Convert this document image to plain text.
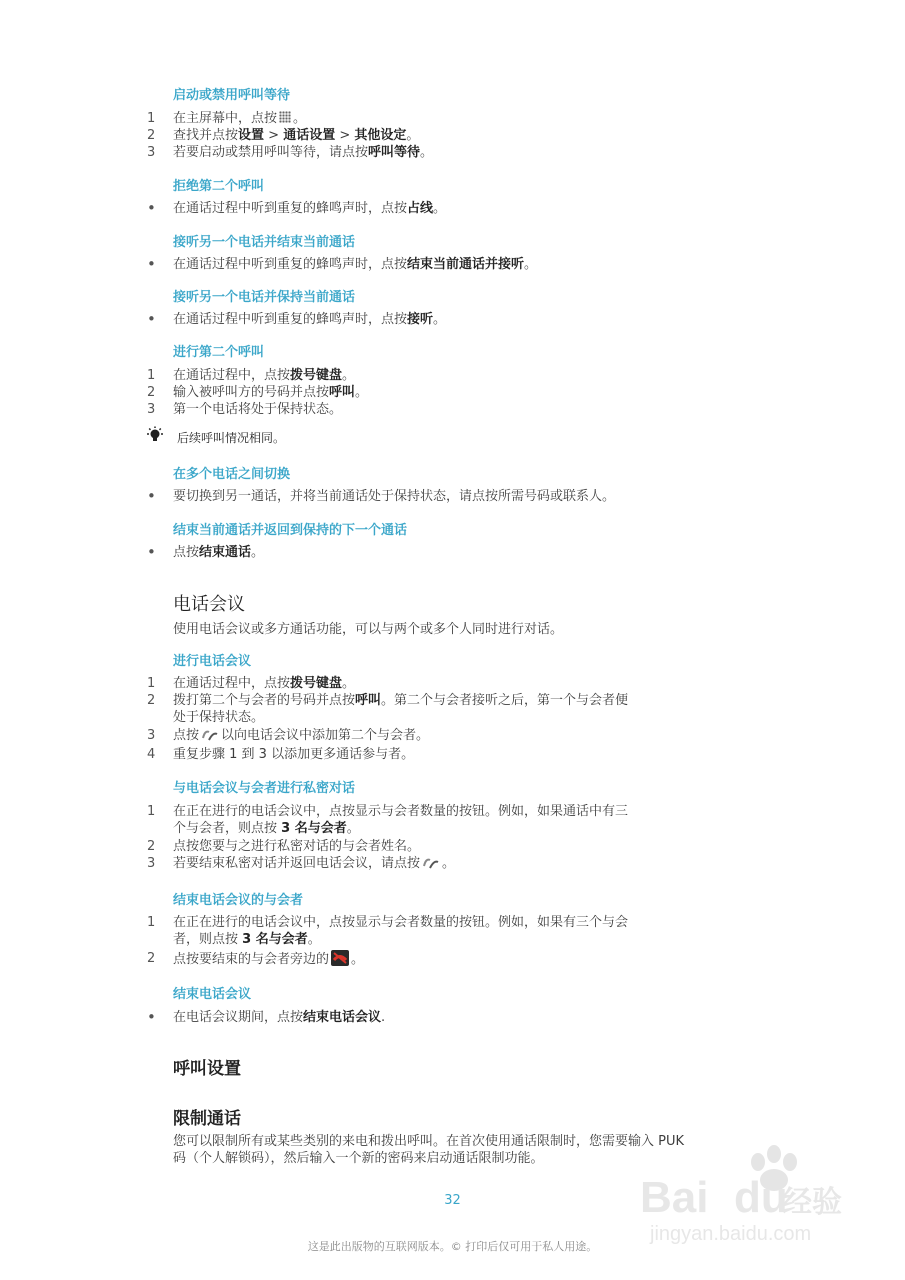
启动或禁用呼叫等待
1	在主屏幕中，点按 。
2	查找并点按设置 > 通话设置 > 其他设定。
3	若要启动或禁用呼叫等待，请点按呼叫等待。
拒绝第二个呼叫
•	在通话过程中听到重复的蜂鸣声时，点按占线。
接听另一个电话并结束当前通话
•	在通话过程中听到重复的蜂鸣声时，点按结束当前通话并接听。
接听另一个电话并保持当前通话
•	在通话过程中听到重复的蜂鸣声时，点按接听。
进行第二个呼叫
1	在通话过程中，点按拨号键盘。
2	输入被呼叫方的号码并点按呼叫。
3	第一个电话将处于保持状态。
后续呼叫情况相同。
在多个电话之间切换
•	要切换到另一通话，并将当前通话处于保持状态，请点按所需号码或联系人。
结束当前通话并返回到保持的下一个通话
•	点按结束通话。
电话会议
使用电话会议或多方通话功能，可以与两个或多个人同时进行对话。
进行电话会议
1	在通话过程中，点按拨号键盘。
2	拨打第二个与会者的号码并点按呼叫。第二个与会者接听之后，第一个与会者便
处于保持状态。
3	点按 以向电话会议中添加第二个与会者。
4	重复步骤 1 到 3 以添加更多通话参与者。
与电话会议与会者进行私密对话
1	在正在进行的电话会议中，点按显示与会者数量的按钮。例如，如果通话中有三
个与会者，则点按 3 名与会者。
2	点按您要与之进行私密对话的与会者姓名。
3	若要结束私密对话并返回电话会议，请点按 。
结束电话会议的与会者
1	在正在进行的电话会议中，点按显示与会者数量的按钮。例如，如果有三个与会
者，则点按 3 名与会者。
2	点按要结束的与会者旁边的 。
结束电话会议
•	在电话会议期间，点按结束电话会议.
呼叫设置
限制通话
您可以限制所有或某些类别的来电和拨出呼叫。在首次使用通话限制时，您需要输入 PUK
码（个人解锁码），然后输入一个新的密码来启动通话限制功能。
32
这是此出版物的互联网版本。© 打印后仅可用于私人用途。
Bai du
经验
jingyan.baidu.com
